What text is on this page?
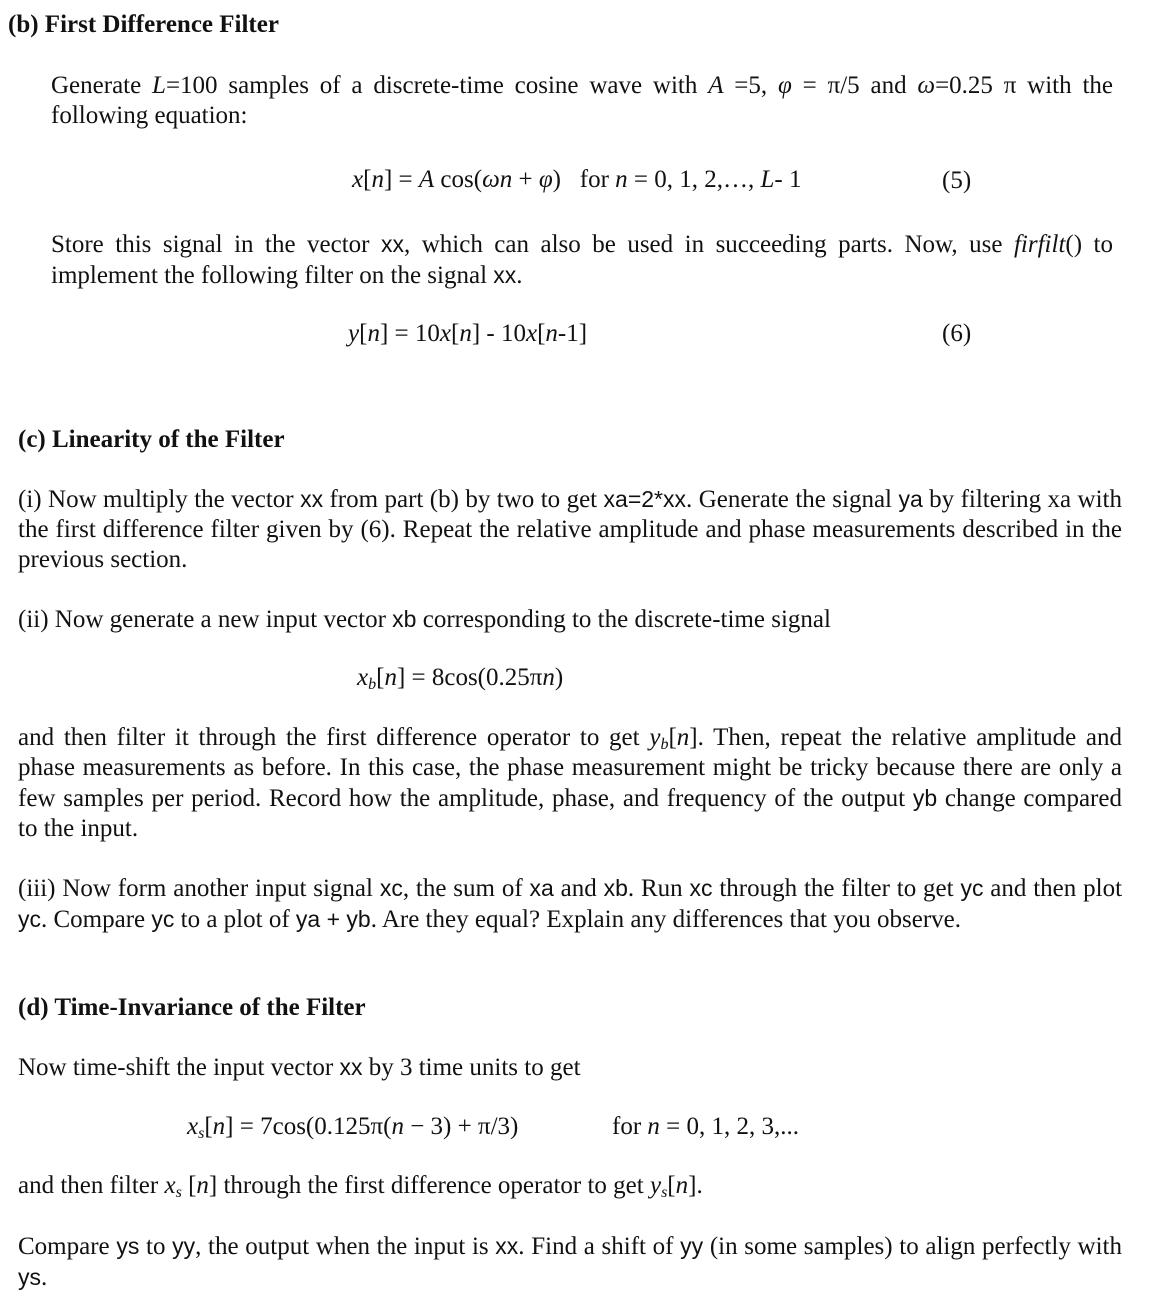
(b) First Difference Filter

Generate L=100 samples of a discrete-time cosine wave with A =5, φ = π/5 and ω=0.25 π with the following equation:

x[n] = A cos(ωn + φ)   for n = 0, 1, 2,…, L- 1	(5)

Store this signal in the vector xx, which can also be used in succeeding parts. Now, use firfilt() to implement the following filter on the signal xx.

y[n] = 10x[n] - 10x[n-1]	(6)
(c) Linearity of the Filter

(i) Now multiply the vector xx from part (b) by two to get xa=2*xx. Generate the signal ya by filtering xa with the first difference filter given by (6). Repeat the relative amplitude and phase measurements described in the previous section.

(ii) Now generate a new input vector xb corresponding to the discrete-time signal

$x_b[n] = 8\cos(0.25\pi n)$

and then filter it through the first difference operator to get $y_b[n]$. Then, repeat the relative amplitude and phase measurements as before. In this case, the phase measurement might be tricky because there are only a few samples per period. Record how the amplitude, phase, and frequency of the output yb change compared to the input.

(iii) Now form another input signal xc, the sum of xa and xb. Run xc through the filter to get yc and then plot yc. Compare yc to a plot of ya + yb. Are they equal? Explain any differences that you observe.

(d) Time-Invariance of the Filter

Now time-shift the input vector xx by 3 time units to get

$x_s[n] = 7\cos(0.125\pi(n - 3) + \pi/3)$	for n = 0, 1, 2, 3,...

and then filter $x_s$ [n] through the first difference operator to get $y_s[n]$.

Compare ys to yy, the output when the input is xx. Find a shift of yy (in some samples) to align perfectly with ys.
